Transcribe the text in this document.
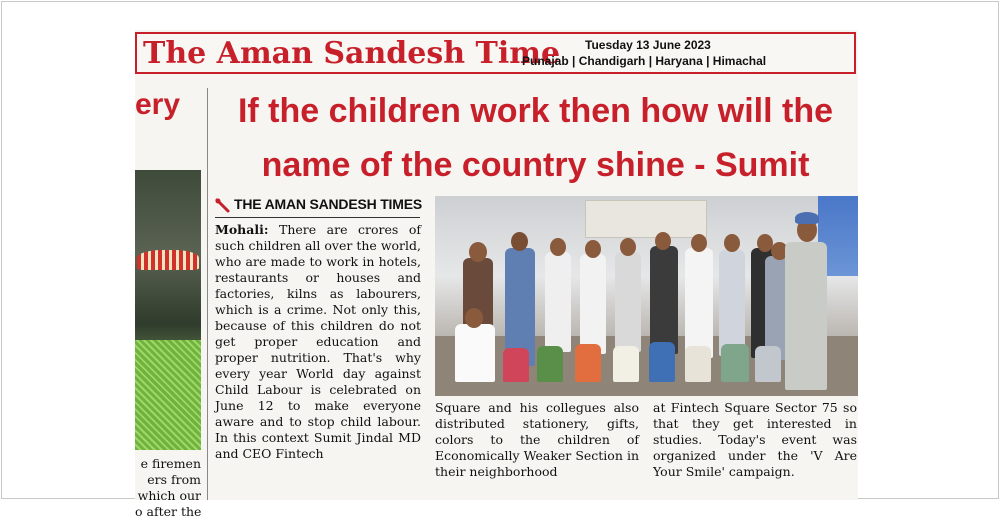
The Aman Sandesh Time Tuesday 13 June 2023
Punajab | Chandigarh | Haryana | Himachal
ery
e firemen
ers from
which our
o after the
If the children work then how will the name of the country shine - Sumit
THE AMAN SANDESH TIMES
Mohali: There are crores of such children all over the world, who are made to work in hotels, restaurants or houses and factories, kilns as labourers, which is a crime. Not only this, because of this children do not get proper education and proper nutrition. That's why every year World day against Child Labour is celebrated on June 12 to make everyone aware and to stop child labour. In this context Sumit Jindal MD and CEO Fintech
Square and his collegues also distributed stationery, gifts, colors to the children of Economically Weaker Section in their neighborhood
at Fintech Square Sector 75 so that they get interested in studies. Today's event was organized under the 'V Are Your Smile' campaign.
